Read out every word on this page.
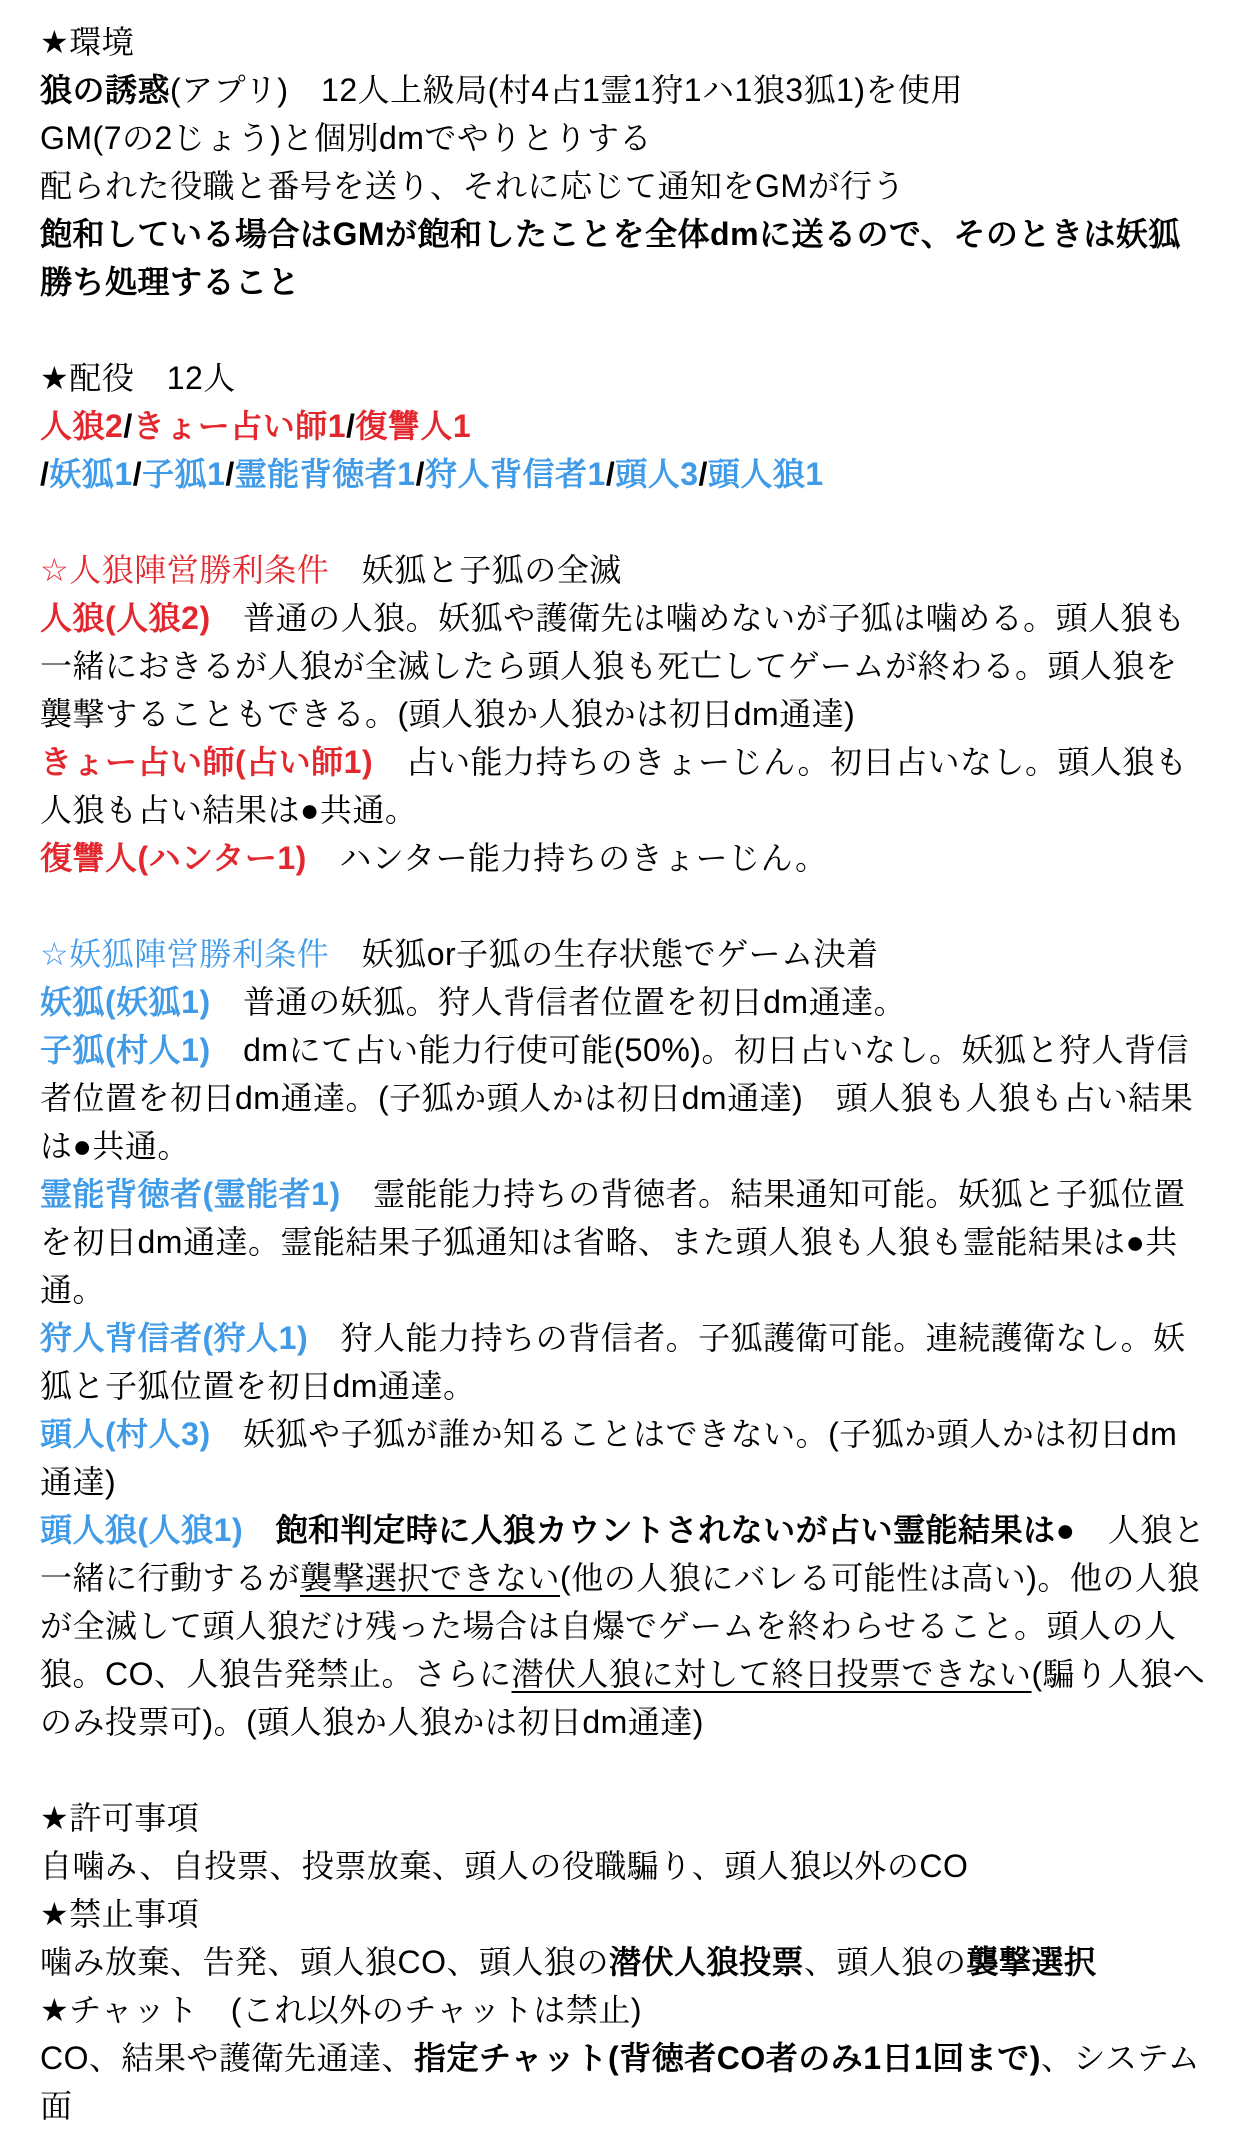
★環境

狼の誘惑(アプリ)　12人上級局(村4占1霊1狩1ハ1狼3狐1)を使用

GM(7の2じょう)と個別dmでやりとりする

配られた役職と番号を送り、それに応じて通知をGMが行う

飽和している場合はGMが飽和したことを全体dmに送るので、そのときは妖狐勝ち処理すること

★配役　12人

人狼2/きょー占い師1/復讐人1

/妖狐1/子狐1/霊能背徳者1/狩人背信者1/頭人3/頭人狼1

☆人狼陣営勝利条件　妖狐と子狐の全滅

人狼(人狼2)　普通の人狼。妖狐や護衛先は噛めないが子狐は噛める。頭人狼も一緒におきるが人狼が全滅したら頭人狼も死亡してゲームが終わる。頭人狼を襲撃することもできる。(頭人狼か人狼かは初日dm通達)

きょー占い師(占い師1)　占い能力持ちのきょーじん。初日占いなし。頭人狼も人狼も占い結果は●共通。

復讐人(ハンター1)　ハンター能力持ちのきょーじん。

☆妖狐陣営勝利条件　妖狐or子狐の生存状態でゲーム決着

妖狐(妖狐1)　普通の妖狐。狩人背信者位置を初日dm通達。

子狐(村人1)　dmにて占い能力行使可能(50%)。初日占いなし。妖狐と狩人背信者位置を初日dm通達。(子狐か頭人かは初日dm通達)　頭人狼も人狼も占い結果は●共通。

霊能背徳者(霊能者1)　霊能能力持ちの背徳者。結果通知可能。妖狐と子狐位置を初日dm通達。霊能結果子狐通知は省略、また頭人狼も人狼も霊能結果は●共通。

狩人背信者(狩人1)　狩人能力持ちの背信者。子狐護衛可能。連続護衛なし。妖狐と子狐位置を初日dm通達。

頭人(村人3)　妖狐や子狐が誰か知ることはできない。(子狐か頭人かは初日dm通達)

頭人狼(人狼1)　 飽和判定時に人狼カウントされないが占い霊能結果は●　人狼と一緒に行動するが襲撃選択できない(他の人狼にバレる可能性は高い)。他の人狼が全滅して頭人狼だけ残った場合は自爆でゲームを終わらせること。頭人の人狼。CO、人狼告発禁止。さらに潜伏人狼に対して終日投票できない(騙り人狼へのみ投票可)。(頭人狼か人狼かは初日dm通達)

★許可事項

自噛み、自投票、投票放棄、頭人の役職騙り、頭人狼以外のCO

★禁止事項

噛み放棄、告発、頭人狼CO、頭人狼の潜伏人狼投票、頭人狼の襲撃選択

★チャット　(これ以外のチャットは禁止)

CO、結果や護衛先通達、指定チャット(背徳者CO者のみ1日1回まで)、システム面
